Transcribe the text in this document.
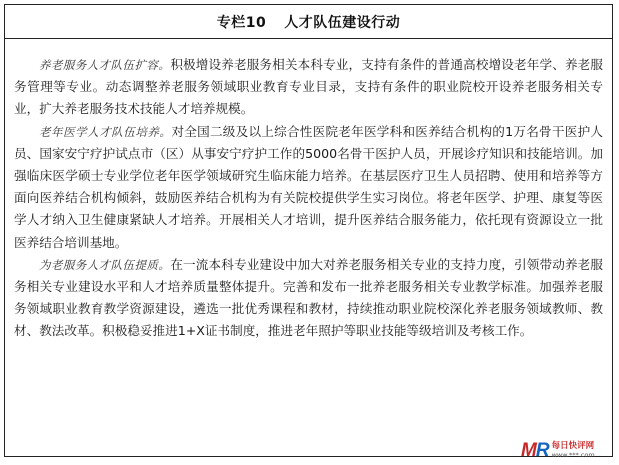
专栏10 人才队伍建设行动

养老服务人才队伍扩容。积极增设养老服务相关本科专业，支持有条件的普通高校增设老年学、养老服务管理等专业。动态调整养老服务领域职业教育专业目录，支持有条件的职业院校开设养老服务相关专业，扩大养老服务技术技能人才培养规模。

老年医学人才队伍培养。对全国二级及以上综合性医院老年医学科和医养结合机构的1万名骨干医护人员、国家安宁疗护试点市（区）从事安宁疗护工作的5000名骨干医护人员，开展诊疗知识和技能培训。加强临床医学硕士专业学位老年医学领域研究生临床能力培养。在基层医疗卫生人员招聘、使用和培养等方面向医养结合机构倾斜，鼓励医养结合机构为有关院校提供学生实习岗位。将老年医学、护理、康复等医学人才纳入卫生健康紧缺人才培养。开展相关人才培训，提升医养结合服务能力，依托现有资源设立一批医养结合培训基地。

为老服务人才队伍提质。在一流本科专业建设中加大对养老服务相关专业的支持力度，引领带动养老服务相关专业建设水平和人才培养质量整体提升。完善和发布一批养老服务相关专业教学标准。加强养老服务领域职业教育教学资源建设，遴选一批优秀课程和教材，持续推动职业院校深化养老服务领域教师、教材、教法改革。积极稳妥推进1+X证书制度，推进老年照护等职业技能等级培训及考核工作。

MR 每日快评网
www.***.com
